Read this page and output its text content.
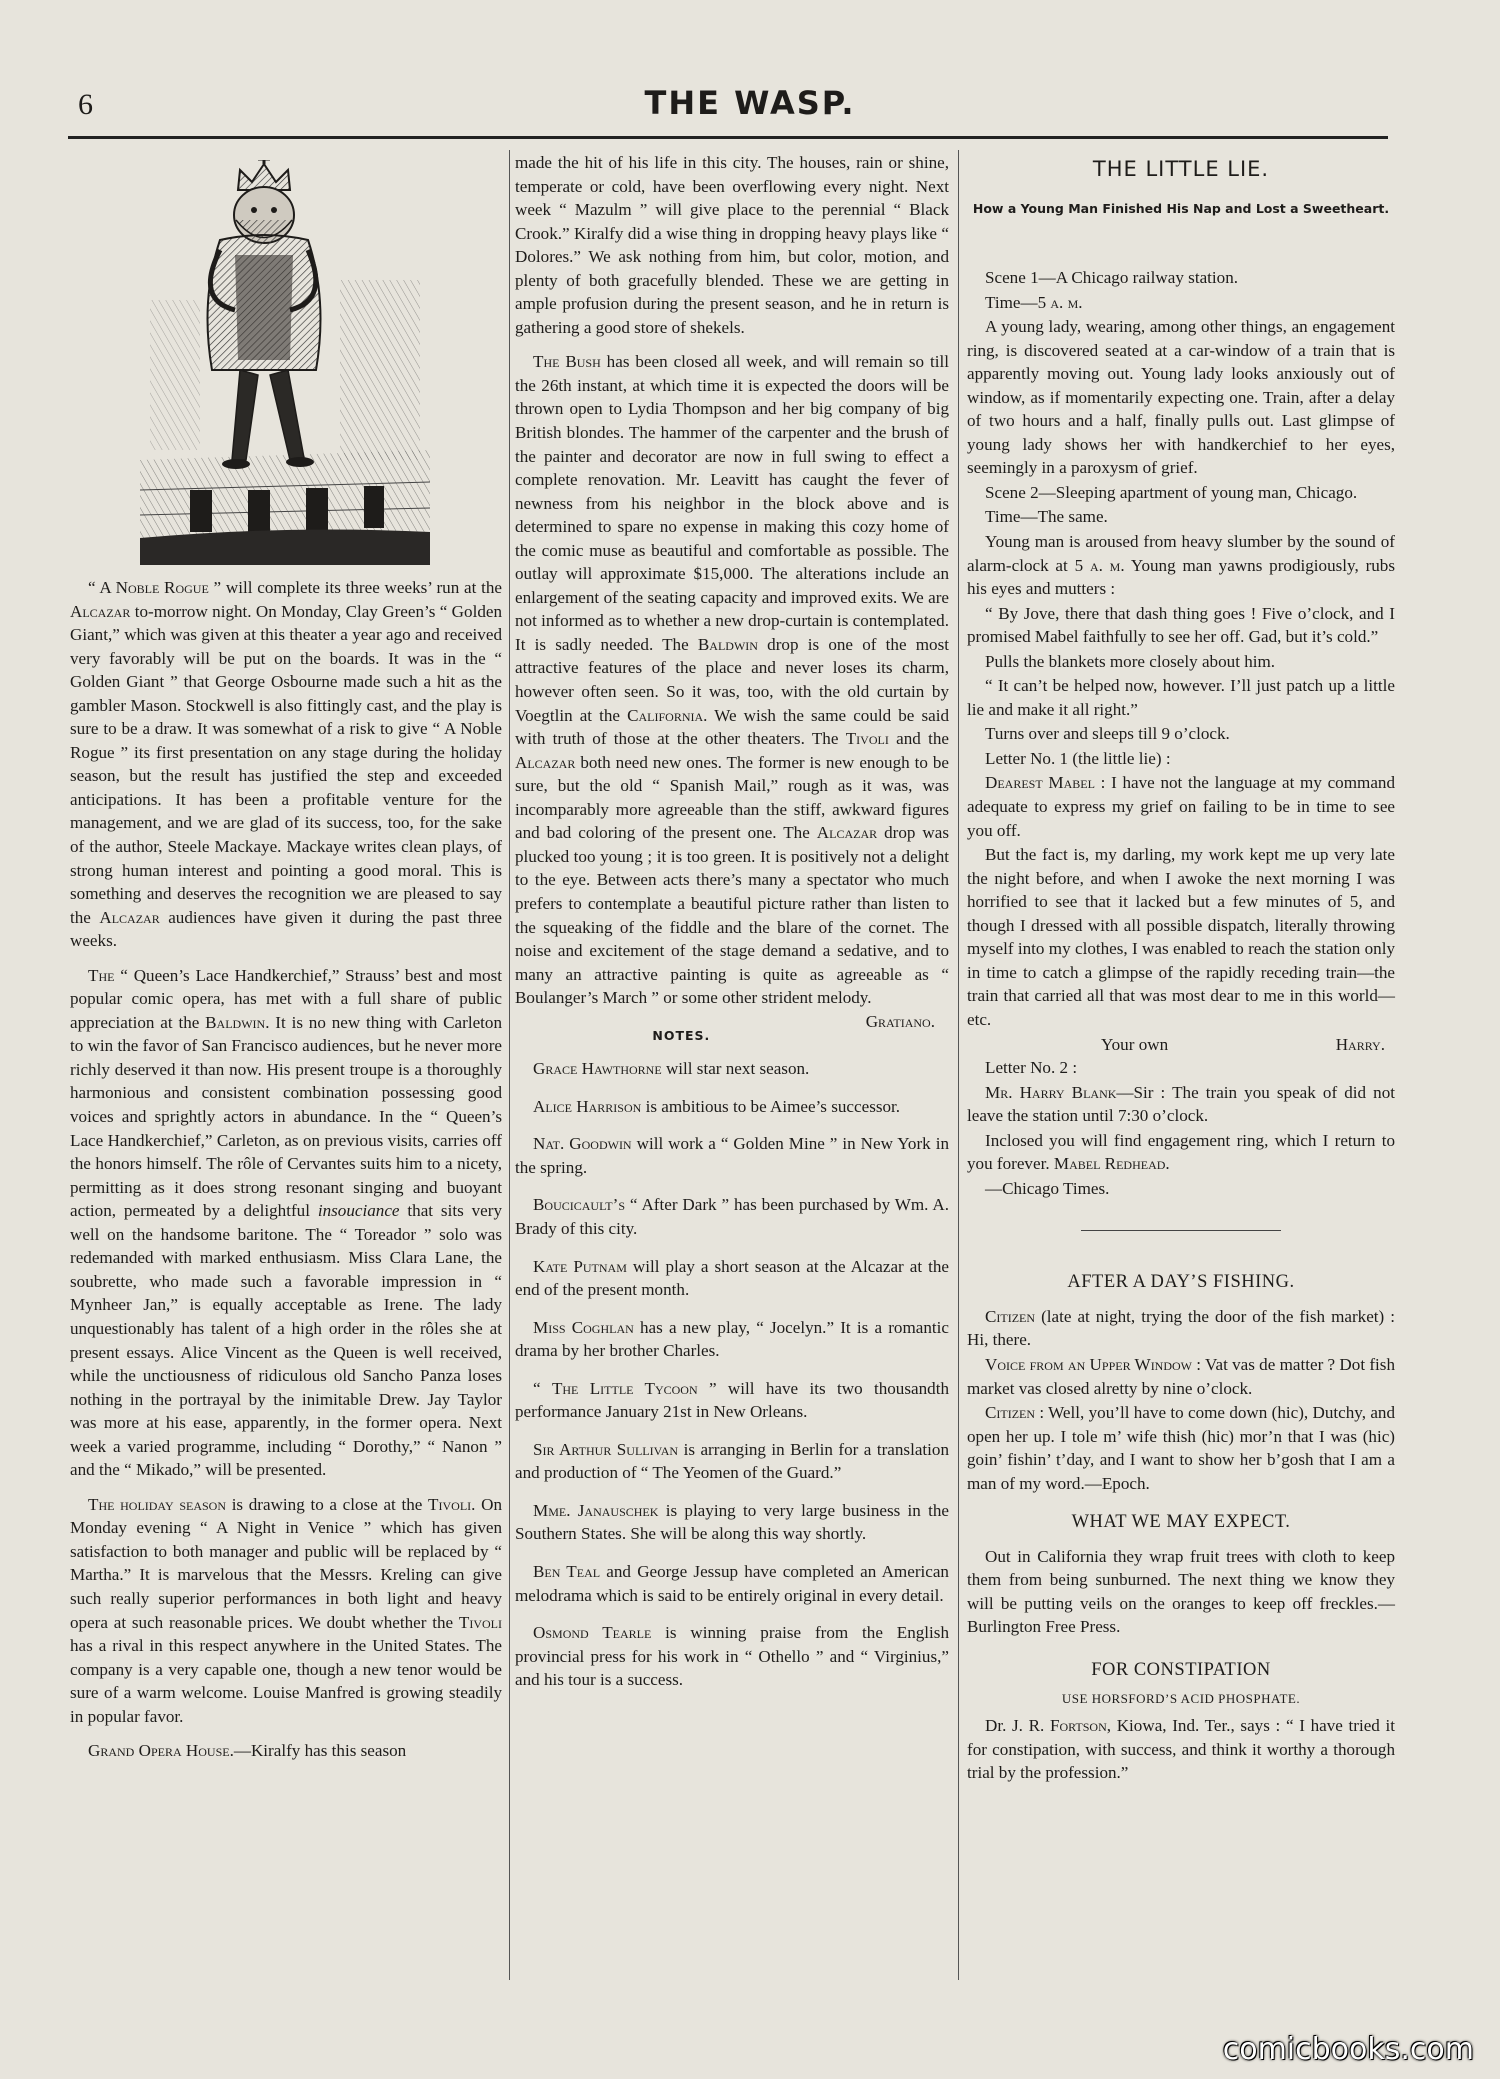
6	THE WASP.

“ A Noble Rogue ” will complete its three weeks’ run at the Alcazar to-morrow night. On Monday, Clay Green’s “ Golden Giant,” which was given at this theater a year ago and received very favorably will be put on the boards. It was in the “ Golden Giant ” that George Osbourne made such a hit as the gambler Mason. Stockwell is also fittingly cast, and the play is sure to be a draw. It was somewhat of a risk to give “ A Noble Rogue ” its first presentation on any stage during the holiday season, but the result has justified the step and exceeded anticipations. It has been a profitable venture for the management, and we are glad of its success, too, for the sake of the author, Steele Mackaye. Mackaye writes clean plays, of strong human interest and pointing a good moral. This is something and deserves the recognition we are pleased to say the Alcazar audiences have given it during the past three weeks.

The “ Queen’s Lace Handkerchief,” Strauss’ best and most popular comic opera, has met with a full share of public appreciation at the Baldwin. It is no new thing with Carleton to win the favor of San Francisco audiences, but he never more richly deserved it than now. His present troupe is a thoroughly harmonious and consistent combination possessing good voices and sprightly actors in abundance. In the “ Queen’s Lace Handkerchief,” Carleton, as on previous visits, carries off the honors himself. The rôle of Cervantes suits him to a nicety, permitting as it does strong resonant singing and buoyant action, permeated by a delightful insouciance that sits very well on the handsome baritone. The “ Toreador ” solo was redemanded with marked enthusiasm. Miss Clara Lane, the soubrette, who made such a favorable impression in “ Mynheer Jan,” is equally acceptable as Irene. The lady unquestionably has talent of a high order in the rôles she at present essays. Alice Vincent as the Queen is well received, while the unctiousness of ridiculous old Sancho Panza loses nothing in the portrayal by the inimitable Drew. Jay Taylor was more at his ease, apparently, in the former opera. Next week a varied programme, including “ Dorothy,” “ Nanon ” and the “ Mikado,” will be presented.

The holiday season is drawing to a close at the Tivoli. On Monday evening “ A Night in Venice ” which has given satisfaction to both manager and public will be replaced by “ Martha.” It is marvelous that the Messrs. Kreling can give such really superior performances in both light and heavy opera at such reasonable prices. We doubt whether the Tivoli has a rival in this respect anywhere in the United States. The company is a very capable one, though a new tenor would be sure of a warm welcome. Louise Manfred is growing steadily in popular favor.

Grand Opera House.—Kiralfy has this season

made the hit of his life in this city. The houses, rain or shine, temperate or cold, have been overflowing every night. Next week “ Mazulm ” will give place to the perennial “ Black Crook.” Kiralfy did a wise thing in dropping heavy plays like “ Dolores.” We ask nothing from him, but color, motion, and plenty of both gracefully blended. These we are getting in ample profusion during the present season, and he in return is gathering a good store of shekels.

The Bush has been closed all week, and will remain so till the 26th instant, at which time it is expected the doors will be thrown open to Lydia Thompson and her big company of big British blondes. The hammer of the carpenter and the brush of the painter and decorator are now in full swing to effect a complete renovation. Mr. Leavitt has caught the fever of newness from his neighbor in the block above and is determined to spare no expense in making this cozy home of the comic muse as beautiful and comfortable as possible. The outlay will approximate $15,000. The alterations include an enlargement of the seating capacity and improved exits. We are not informed as to whether a new drop-curtain is contemplated. It is sadly needed. The Baldwin drop is one of the most attractive features of the place and never loses its charm, however often seen. So it was, too, with the old curtain by Voegtlin at the California. We wish the same could be said with truth of those at the other theaters. The Tivoli and the Alcazar both need new ones. The former is new enough to be sure, but the old “ Spanish Mail,” rough as it was, was incomparably more agreeable than the stiff, awkward figures and bad coloring of the present one. The Alcazar drop was plucked too young ; it is too green. It is positively not a delight to the eye. Between acts there’s many a spectator who much prefers to contemplate a beautiful picture rather than listen to the squeaking of the fiddle and the blare of the cornet. The noise and excitement of the stage demand a sedative, and to many an attractive painting is quite as agreeable as “ Boulanger’s March ” or some other strident melody.
Gratiano.

NOTES.

Grace Hawthorne will star next season.

Alice Harrison is ambitious to be Aimee’s successor.

Nat. Goodwin will work a “ Golden Mine ” in New York in the spring.

Boucicault’s “ After Dark ” has been purchased by Wm. A. Brady of this city.

Kate Putnam will play a short season at the Alcazar at the end of the present month.

Miss Coghlan has a new play, “ Jocelyn.” It is a romantic drama by her brother Charles.

“ The Little Tycoon ” will have its two thousandth performance January 21st in New Orleans.

Sir Arthur Sullivan is arranging in Berlin for a translation and production of “ The Yeomen of the Guard.”

Mme. Janauschek is playing to very large business in the Southern States. She will be along this way shortly.

Ben Teal and George Jessup have completed an American melodrama which is said to be entirely original in every detail.

Osmond Tearle is winning praise from the English provincial press for his work in “ Othello ” and “ Virginius,” and his tour is a success.

THE LITTLE LIE.
How a Young Man Finished His Nap and Lost a Sweetheart.

Scene 1—A Chicago railway station.

Time—5 a. m.

A young lady, wearing, among other things, an engagement ring, is discovered seated at a car-window of a train that is apparently moving out. Young lady looks anxiously out of window, as if momentarily expecting one. Train, after a delay of two hours and a half, finally pulls out. Last glimpse of young lady shows her with handkerchief to her eyes, seemingly in a paroxysm of grief.

Scene 2—Sleeping apartment of young man, Chicago.

Time—The same.

Young man is aroused from heavy slumber by the sound of alarm-clock at 5 a. m. Young man yawns prodigiously, rubs his eyes and mutters :

“ By Jove, there that dash thing goes ! Five o’clock, and I promised Mabel faithfully to see her off. Gad, but it’s cold.”

Pulls the blankets more closely about him.

“ It can’t be helped now, however. I’ll just patch up a little lie and make it all right.”

Turns over and sleeps till 9 o’clock.

Letter No. 1 (the little lie) :

Dearest Mabel : I have not the language at my command adequate to express my grief on failing to be in time to see you off.

But the fact is, my darling, my work kept me up very late the night before, and when I awoke the next morning I was horrified to see that it lacked but a few minutes of 5, and though I dressed with all possible dispatch, literally throwing myself into my clothes, I was enabled to reach the station only in time to catch a glimpse of the rapidly receding train—the train that carried all that was most dear to me in this world—etc.

Your own	Harry.

Letter No. 2 :

Mr. Harry Blank—Sir : The train you speak of did not leave the station until 7:30 o’clock.

Inclosed you will find engagement ring, which I return to you forever. Mabel Redhead.

—Chicago Times.

AFTER A DAY’S FISHING.

Citizen (late at night, trying the door of the fish market) : Hi, there.

Voice from an Upper Window : Vat vas de matter ? Dot fish market vas closed alretty by nine o’clock.

Citizen : Well, you’ll have to come down (hic), Dutchy, and open her up. I tole m’ wife thish (hic) mor’n that I was (hic) goin’ fishin’ t’day, and I want to show her b’gosh that I am a man of my word.—Epoch.

WHAT WE MAY EXPECT.

Out in California they wrap fruit trees with cloth to keep them from being sunburned. The next thing we know they will be putting veils on the oranges to keep off freckles.—Burlington Free Press.

FOR CONSTIPATION
USE HORSFORD’S ACID PHOSPHATE.

Dr. J. R. Fortson, Kiowa, Ind. Ter., says : “ I have tried it for constipation, with success, and think it worthy a thorough trial by the profession.”

comicbooks.com
